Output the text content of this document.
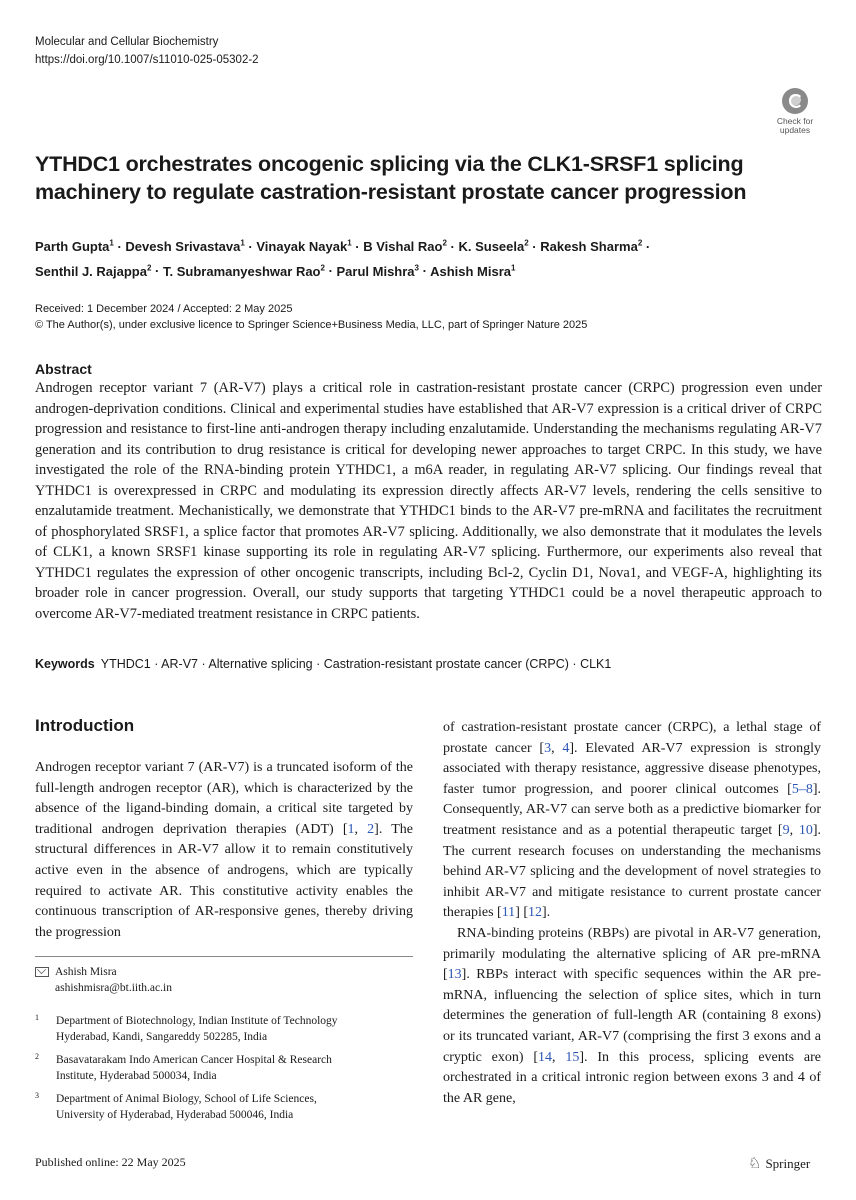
Molecular and Cellular Biochemistry
https://doi.org/10.1007/s11010-025-05302-2
Check for
updates
YTHDC1 orchestrates oncogenic splicing via the CLK1-SRSF1 splicing machinery to regulate castration-resistant prostate cancer progression
Parth Gupta$^1$ · Devesh Srivastava$^1$ · Vinayak Nayak$^1$ · B Vishal Rao$^2$ · K. Suseela$^2$ · Rakesh Sharma$^2$ ·
Senthil J. Rajappa$^2$ · T. Subramanyeshwar Rao$^2$ · Parul Mishra$^3$ · Ashish Misra$^1$
Received: 1 December 2024 / Accepted: 2 May 2025
© The Author(s), under exclusive licence to Springer Science+Business Media, LLC, part of Springer Nature 2025
Abstract
Androgen receptor variant 7 (AR-V7) plays a critical role in castration-resistant prostate cancer (CRPC) progression even under androgen-deprivation conditions. Clinical and experimental studies have established that AR-V7 expression is a critical driver of CRPC progression and resistance to first-line anti-androgen therapy including enzalutamide. Understanding the mechanisms regulating AR-V7 generation and its contribution to drug resistance is critical for developing newer approaches to target CRPC. In this study, we have investigated the role of the RNA-binding protein YTHDC1, a m6A reader, in regulating AR-V7 splicing. Our findings reveal that YTHDC1 is overexpressed in CRPC and modulating its expression directly affects AR-V7 levels, rendering the cells sensitive to enzalutamide treatment. Mechanistically, we demonstrate that YTHDC1 binds to the AR-V7 pre-mRNA and facilitates the recruitment of phosphorylated SRSF1, a splice factor that promotes AR-V7 splicing. Additionally, we also demonstrate that it modulates the levels of CLK1, a known SRSF1 kinase supporting its role in regulating AR-V7 splicing. Furthermore, our experiments also reveal that YTHDC1 regulates the expression of other oncogenic transcripts, including Bcl-2, Cyclin D1, Nova1, and VEGF-A, highlighting its broader role in cancer progression. Overall, our study supports that targeting YTHDC1 could be a novel therapeutic approach to overcome AR-V7-mediated treatment resistance in CRPC patients.
Keywords YTHDC1 · AR-V7 · Alternative splicing · Castration-resistant prostate cancer (CRPC) · CLK1
Introduction

Androgen receptor variant 7 (AR-V7) is a truncated isoform of the full-length androgen receptor (AR), which is characterized by the absence of the ligand-binding domain, a critical site targeted by traditional androgen deprivation therapies (ADT) [1, 2]. The structural differences in AR-V7 allow it to remain constitutively active even in the absence of androgens, which are typically required to activate AR. This constitutive activity enables the continuous transcription of AR-responsive genes, thereby driving the progression

of castration-resistant prostate cancer (CRPC), a lethal stage of prostate cancer [3, 4]. Elevated AR-V7 expression is strongly associated with therapy resistance, aggressive disease phenotypes, faster tumor progression, and poorer clinical outcomes [5–8]. Consequently, AR-V7 can serve both as a predictive biomarker for treatment resistance and as a potential therapeutic target [9, 10]. The current research focuses on understanding the mechanisms behind AR-V7 splicing and the development of novel strategies to inhibit AR-V7 and mitigate resistance to current prostate cancer therapies [11] [12].

RNA-binding proteins (RBPs) are pivotal in AR-V7 generation, primarily modulating the alternative splicing of AR pre-mRNA [13]. RBPs interact with specific sequences within the AR pre-mRNA, influencing the selection of splice sites, which in turn determines the generation of full-length AR (containing 8 exons) or its truncated variant, AR-V7 (comprising the first 3 exons and a cryptic exon) [14, 15]. In this process, splicing events are orchestrated in a critical intronic region between exons 3 and 4 of the AR gene,

Ashish Misra
ashishmisra@bt.iith.ac.in
1 Department of Biotechnology, Indian Institute of Technology
Hyderabad, Kandi, Sangareddy 502285, India
2 Basavatarakam Indo American Cancer Hospital & Research
Institute, Hyderabad 500034, India
3 Department of Animal Biology, School of Life Sciences,
University of Hyderabad, Hyderabad 500046, India
Published online: 22 May 2025	♘ Springer
